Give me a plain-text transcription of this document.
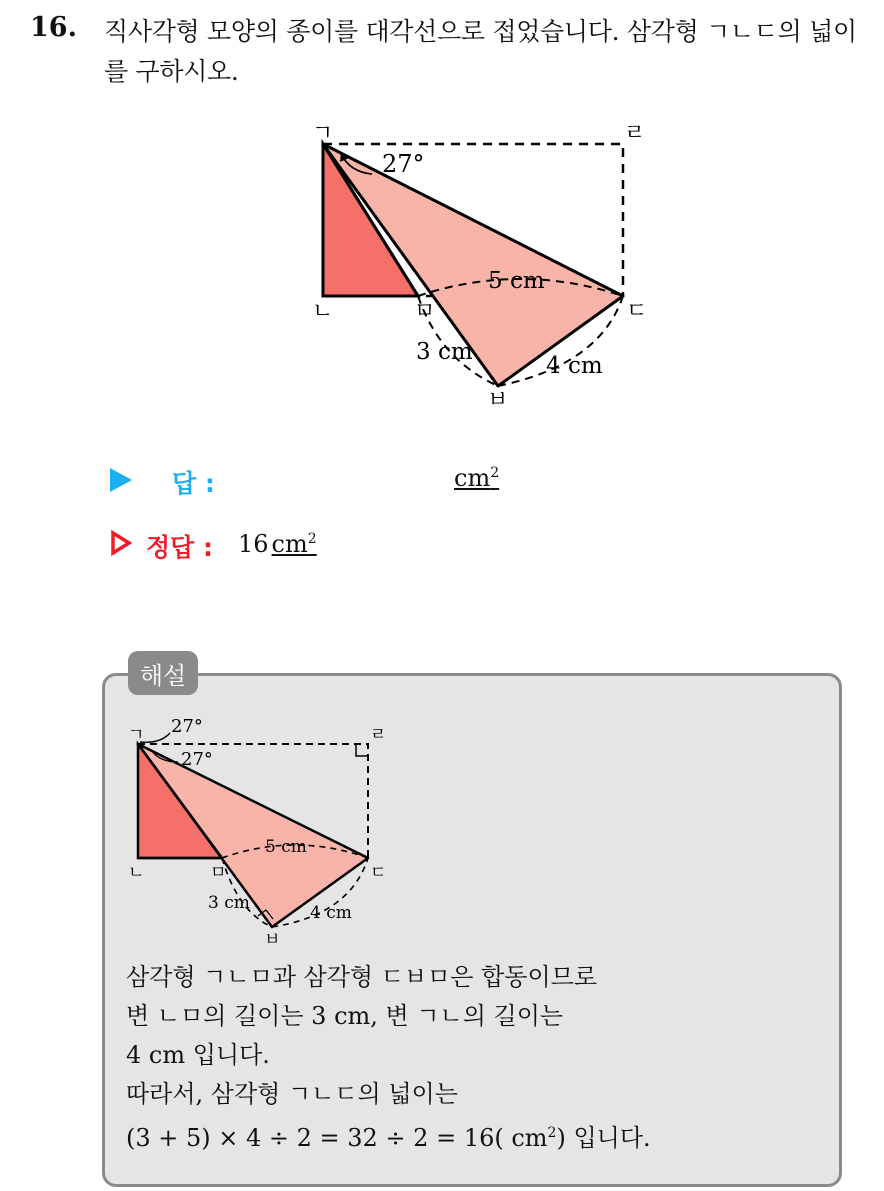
16. 직사각형 모양의 종이를 대각선으로 접었습니다. 삼각형 ㄱㄴㄷ의 넓이를 구하시오.
ㄱ	ㄹ
ㄴ	ㅁ	ㄷ
ㅂ
27°
5 cm
3 cm
4 cm
답 :	$cm^2$
정답 : 16 $cm^2$
해설
ㄱ	ㄹ
ㄴ	ㅁ	ㄷ
ㅂ
27°
27°
5 cm
3 cm	4 cm
삼각형 ㄱㄴㅁ과 삼각형 ㄷㅂㅁ은 합동이므로
변 ㄴㅁ의 길이는 3 cm, 변 ㄱㄴ의 길이는
4 cm 입니다.
따라서, 삼각형 ㄱㄴㄷ의 넓이는
(3 + 5) × 4 ÷ 2 = 32 ÷ 2 = 16( $cm^2$) 입니다.
